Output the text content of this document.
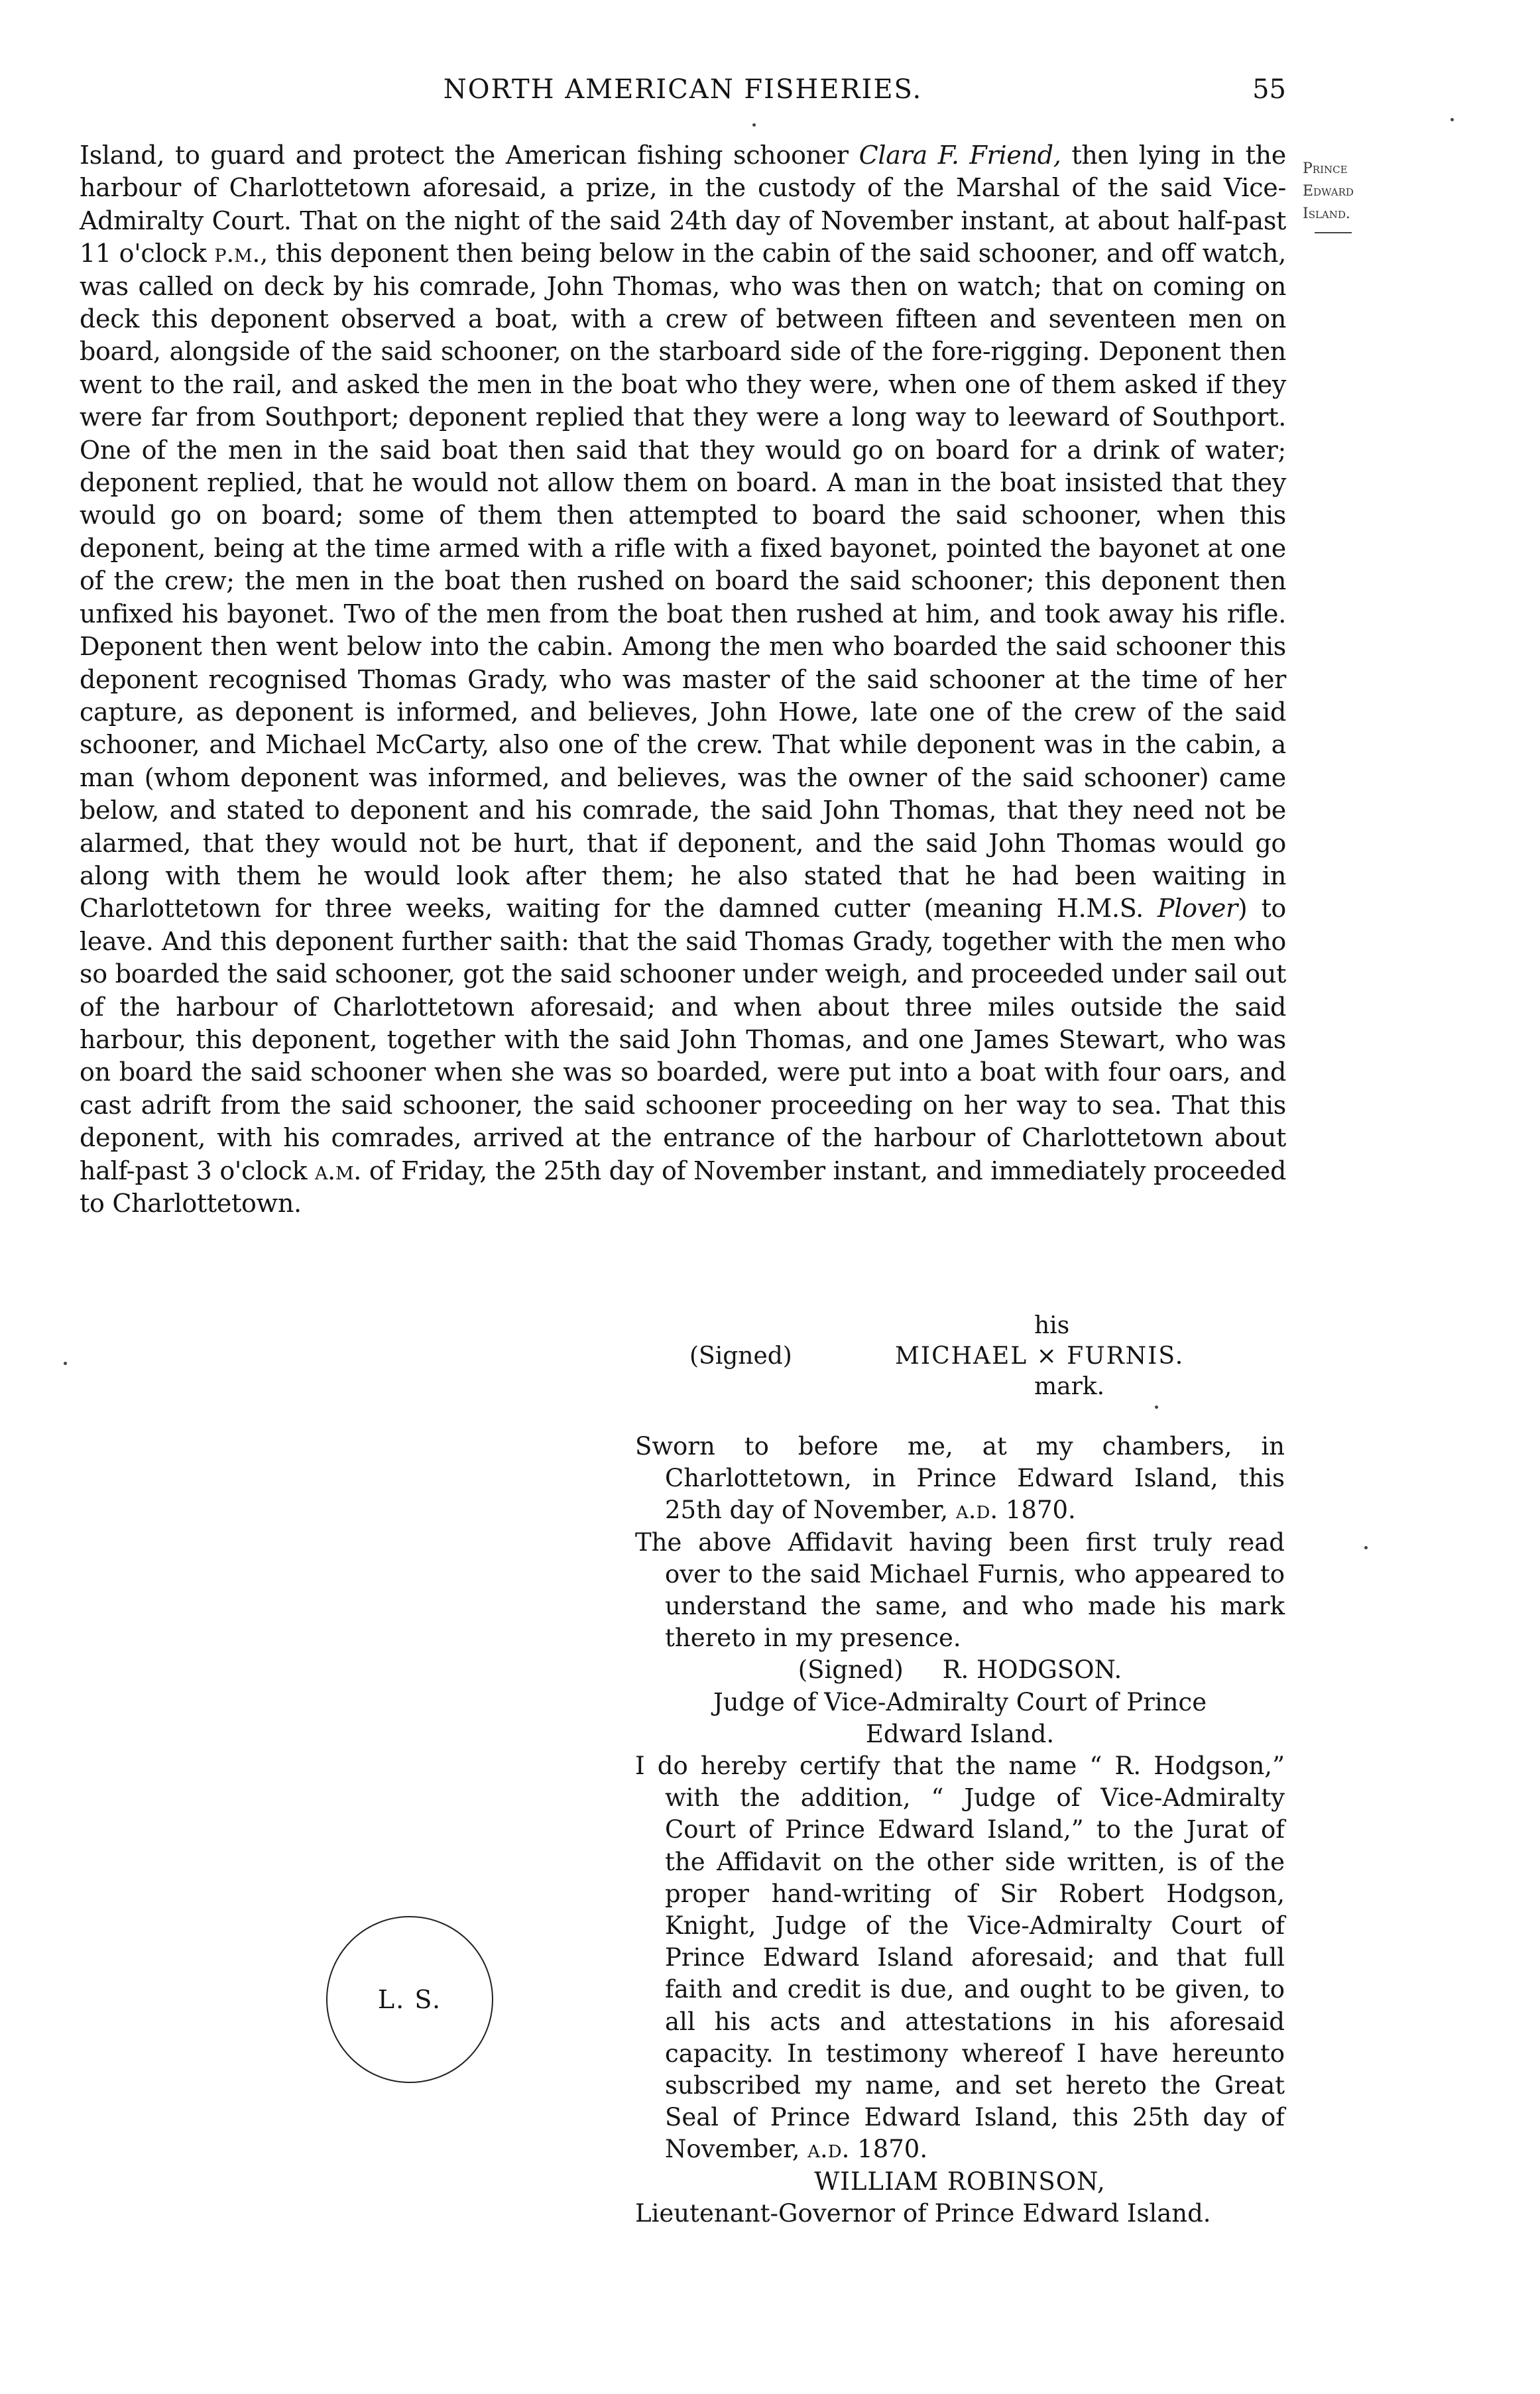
NORTH AMERICAN FISHERIES.	55
Prince
Edward
Island.

Island, to guard and protect the American fishing schooner Clara F. Friend, then lying in the harbour of Charlottetown aforesaid, a prize, in the custody of the Marshal of the said Vice-Admiralty Court. That on the night of the said 24th day of November instant, at about half-past 11 o'clock p.m., this deponent then being below in the cabin of the said schooner, and off watch, was called on deck by his comrade, John Thomas, who was then on watch; that on coming on deck this deponent observed a boat, with a crew of between fifteen and seventeen men on board, alongside of the said schooner, on the starboard side of the fore-rigging. Deponent then went to the rail, and asked the men in the boat who they were, when one of them asked if they were far from Southport; deponent replied that they were a long way to leeward of Southport. One of the men in the said boat then said that they would go on board for a drink of water; deponent replied, that he would not allow them on board. A man in the boat insisted that they would go on board; some of them then attempted to board the said schooner, when this deponent, being at the time armed with a rifle with a fixed bayonet, pointed the bayonet at one of the crew; the men in the boat then rushed on board the said schooner; this deponent then unfixed his bayonet. Two of the men from the boat then rushed at him, and took away his rifle. Deponent then went below into the cabin. Among the men who boarded the said schooner this deponent recognised Thomas Grady, who was master of the said schooner at the time of her capture, as deponent is informed, and believes, John Howe, late one of the crew of the said schooner, and Michael McCarty, also one of the crew. That while deponent was in the cabin, a man (whom deponent was informed, and believes, was the owner of the said schooner) came below, and stated to deponent and his comrade, the said John Thomas, that they need not be alarmed, that they would not be hurt, that if deponent, and the said John Thomas would go along with them he would look after them; he also stated that he had been waiting in Charlottetown for three weeks, waiting for the damned cutter (meaning H.M.S. Plover) to leave. And this deponent further saith: that the said Thomas Grady, together with the men who so boarded the said schooner, got the said schooner under weigh, and proceeded under sail out of the harbour of Charlottetown aforesaid; and when about three miles outside the said harbour, this deponent, together with the said John Thomas, and one James Stewart, who was on board the said schooner when she was so boarded, were put into a boat with four oars, and cast adrift from the said schooner, the said schooner proceeding on her way to sea. That this deponent, with his comrades, arrived at the entrance of the harbour of Charlottetown about half-past 3 o'clock a.m. of Friday, the 25th day of November instant, and immediately proceeded to Charlottetown.

his
(Signed)	MICHAEL × FURNIS.
mark.

Sworn to before me, at my chambers, in Charlottetown, in Prince Edward Island, this 25th day of November, a.d. 1870.

The above Affidavit having been first truly read over to the said Michael Furnis, who appeared to understand the same, and who made his mark thereto in my presence.

(Signed) R. HODGSON.
Judge of Vice-Admiralty Court of Prince Edward Island.

I do hereby certify that the name “ R. Hodgson,” with the addition, “ Judge of Vice-Admiralty Court of Prince Edward Island,” to the Jurat of the Affidavit on the other side written, is of the proper hand-writing of Sir Robert Hodgson, Knight, Judge of the Vice-Admiralty Court of Prince Edward Island aforesaid; and that full faith and credit is due, and ought to be given, to all his acts and attestations in his aforesaid capacity. In testimony whereof I have hereunto subscribed my name, and set hereto the Great Seal of Prince Edward Island, this 25th day of November, a.d. 1870.

WILLIAM ROBINSON,
Lieutenant-Governor of Prince Edward Island.
L. S.
